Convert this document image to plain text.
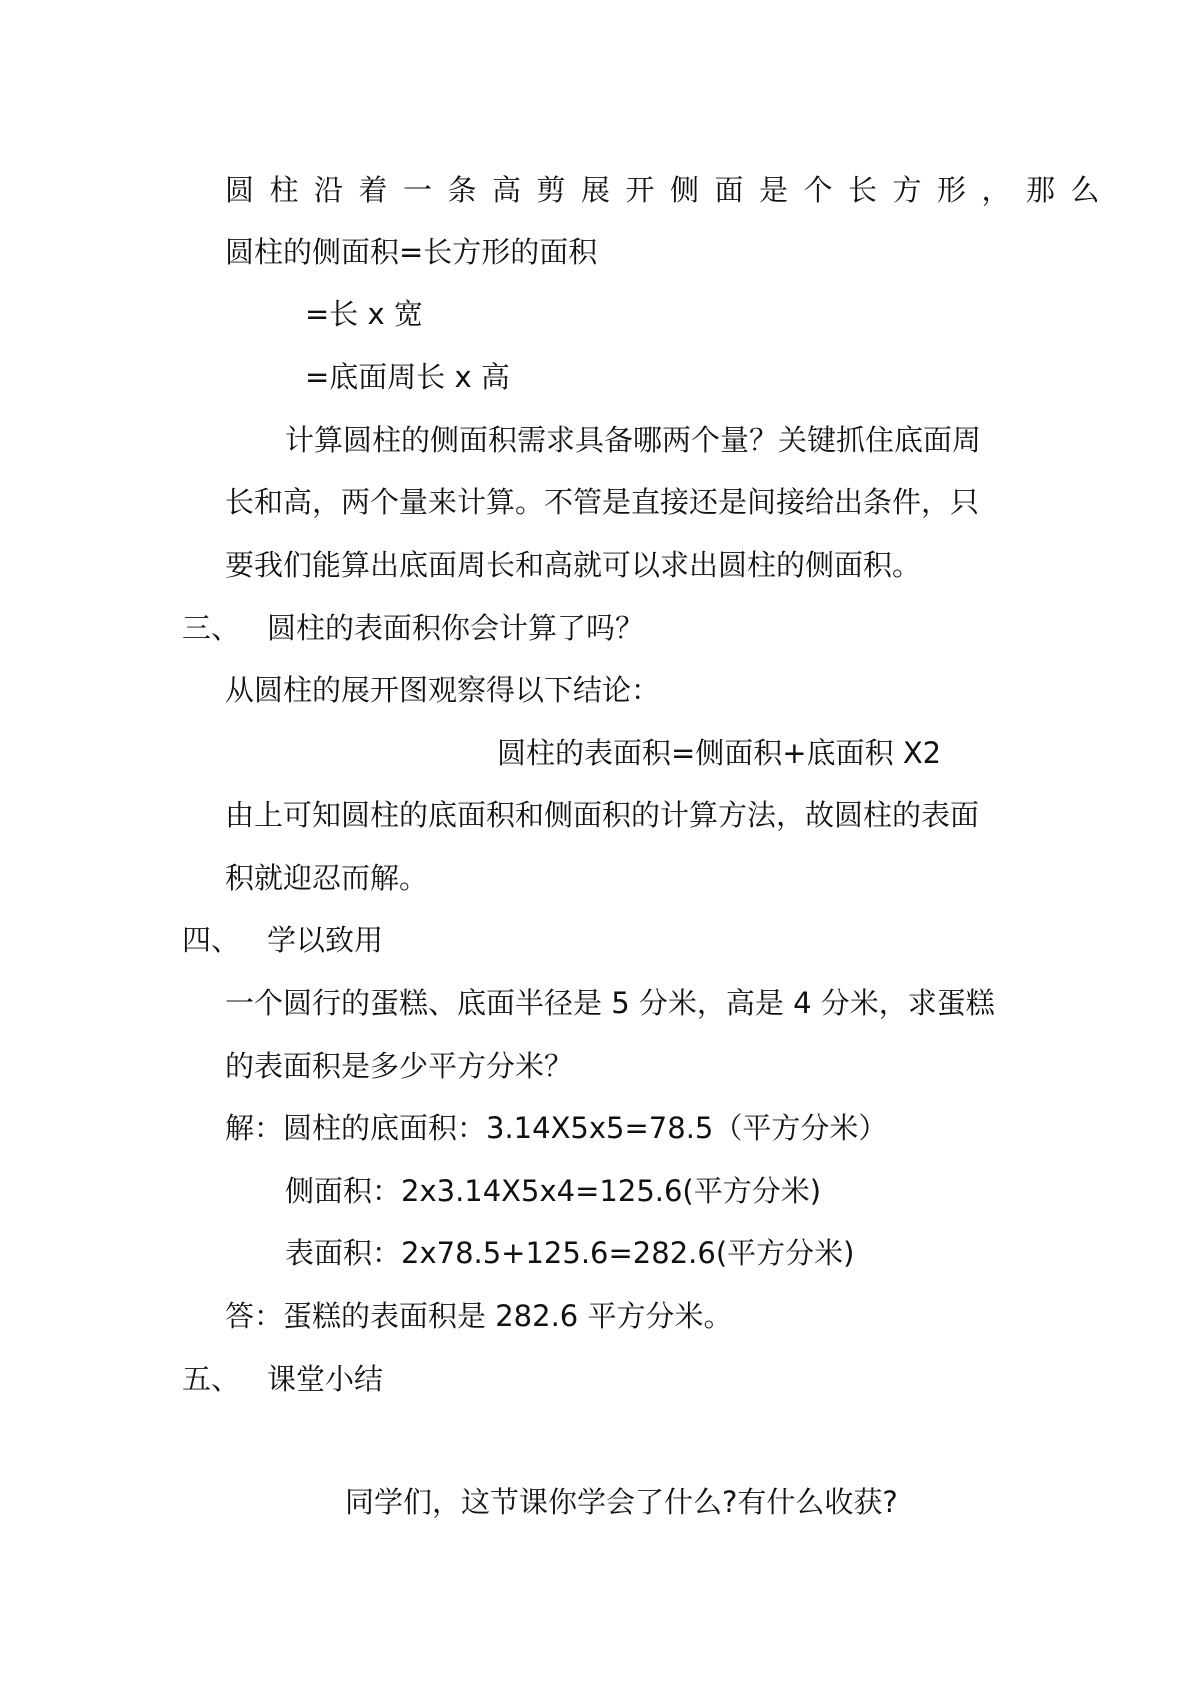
圆柱沿着一条高剪展开侧面是个长方形，那么
圆柱的侧面积=长方形的面积
=长 x 宽
=底面周长 x 高
计算圆柱的侧面积需求具备哪两个量？关键抓住底面周
长和高，两个量来计算。不管是直接还是间接给出条件，只
要我们能算出底面周长和高就可以求出圆柱的侧面积。
三、 圆柱的表面积你会计算了吗？
从圆柱的展开图观察得以下结论：
圆柱的表面积=侧面积+底面积 X2
由上可知圆柱的底面积和侧面积的计算方法，故圆柱的表面
积就迎忍而解。
四、 学以致用
一个圆行的蛋糕、底面半径是 5 分米，高是 4 分米，求蛋糕
的表面积是多少平方分米？
解：圆柱的底面积：3.14X5x5=78.5（平方分米）
侧面积：2x3.14X5x4=125.6(平方分米)
表面积：2x78.5+125.6=282.6(平方分米)
答：蛋糕的表面积是 282.6 平方分米。
五、 课堂小结
同学们，这节课你学会了什么?有什么收获?
